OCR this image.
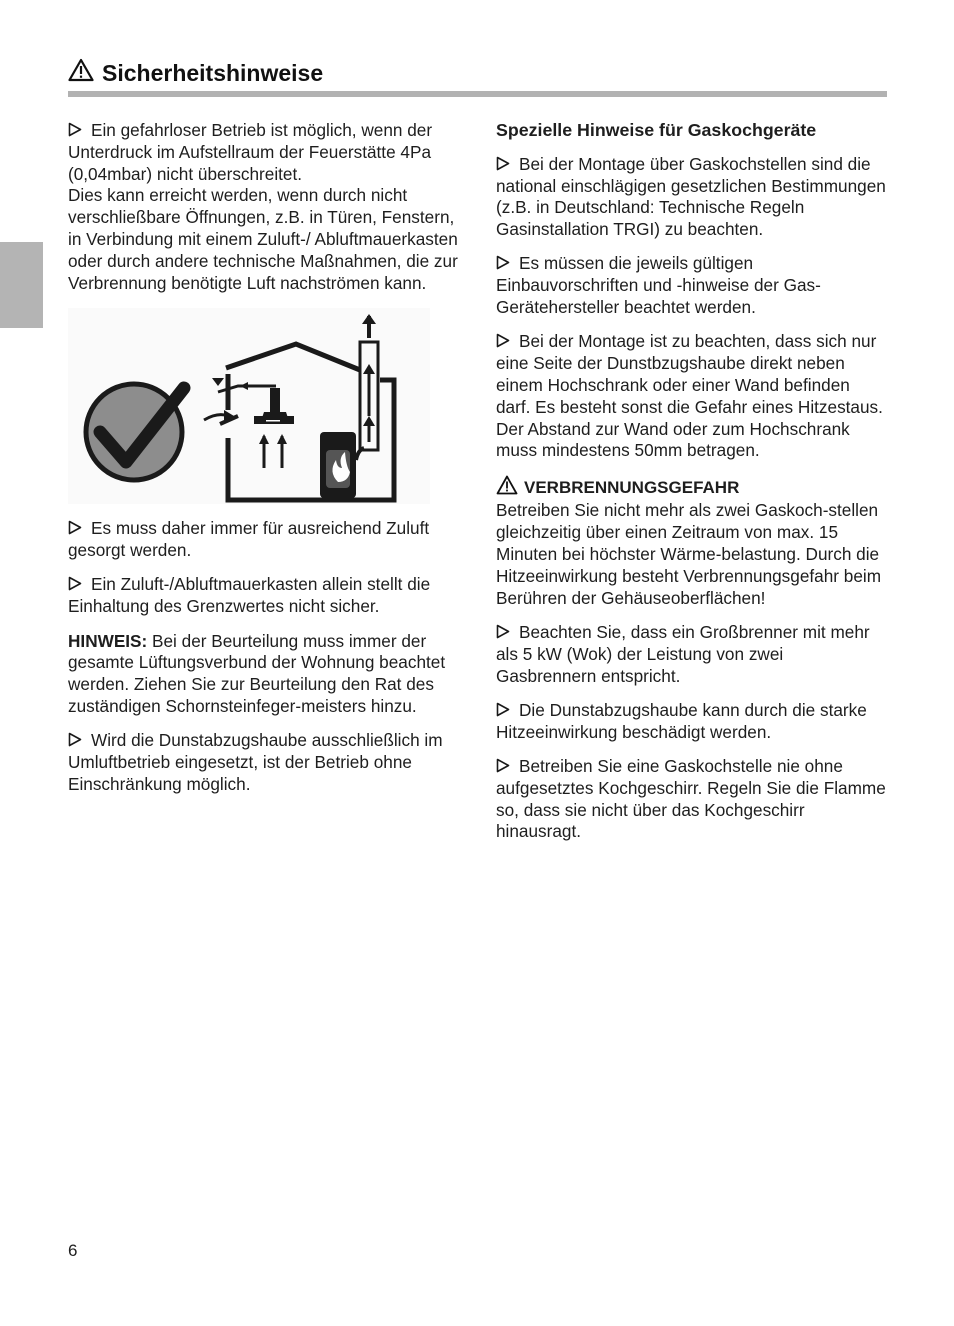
Sicherheitshinweise

Ein gefahrloser Betrieb ist möglich, wenn der Unterdruck im Aufstellraum der Feuerstätte 4Pa (0,04mbar) nicht überschreitet.

Dies kann erreicht werden, wenn durch nicht verschließbare Öffnungen, z.B. in Türen, Fenstern, in Verbindung mit einem Zuluft-/ Abluftmauerkasten oder durch andere technische Maßnahmen, die zur Verbrennung benötigte Luft nachströmen kann.

Es muss daher immer für ausreichend Zuluft gesorgt werden.

Ein Zuluft-/Abluftmauerkasten allein stellt die Einhaltung des Grenzwertes nicht sicher.

HINWEIS: Bei der Beurteilung muss immer der gesamte Lüftungsverbund der Wohnung beachtet werden. Ziehen Sie zur Beurteilung den Rat des zuständigen Schornsteinfeger-meisters hinzu.

Wird die Dunstabzugshaube ausschließlich im Umluftbetrieb eingesetzt, ist der Betrieb ohne Einschränkung möglich.

Spezielle Hinweise für Gaskochgeräte

Bei der Montage über Gaskochstellen sind die national einschlägigen gesetzlichen Bestimmungen (z.B. in Deutschland: Technische Regeln Gasinstallation TRGI) zu beachten.

Es müssen die jeweils gültigen Einbauvorschriften und -hinweise der Gas-Gerätehersteller beachtet werden.

Bei der Montage ist zu beachten, dass sich nur eine Seite der Dunstbzugshaube direkt neben einem Hochschrank oder einer Wand befinden darf. Es besteht sonst die Gefahr eines Hitzestaus. Der Abstand zur Wand oder zum Hochschrank muss mindestens 50mm betragen.

VERBRENNUNGSGEFAHR

Betreiben Sie nicht mehr als zwei Gaskoch-stellen gleichzeitig über einen Zeitraum von max. 15 Minuten bei höchster Wärme-belastung. Durch die Hitzeeinwirkung besteht Verbrennungsgefahr beim Berühren der Gehäuseoberflächen!

Beachten Sie, dass ein Großbrenner mit mehr als 5 kW (Wok) der Leistung von zwei Gasbrennern entspricht.

Die Dunstabzugshaube kann durch die starke Hitzeeinwirkung beschädigt werden.

Betreiben Sie eine Gaskochstelle nie ohne aufgesetztes Kochgeschirr. Regeln Sie die Flamme so, dass sie nicht über das Kochgeschirr hinausragt.

6
